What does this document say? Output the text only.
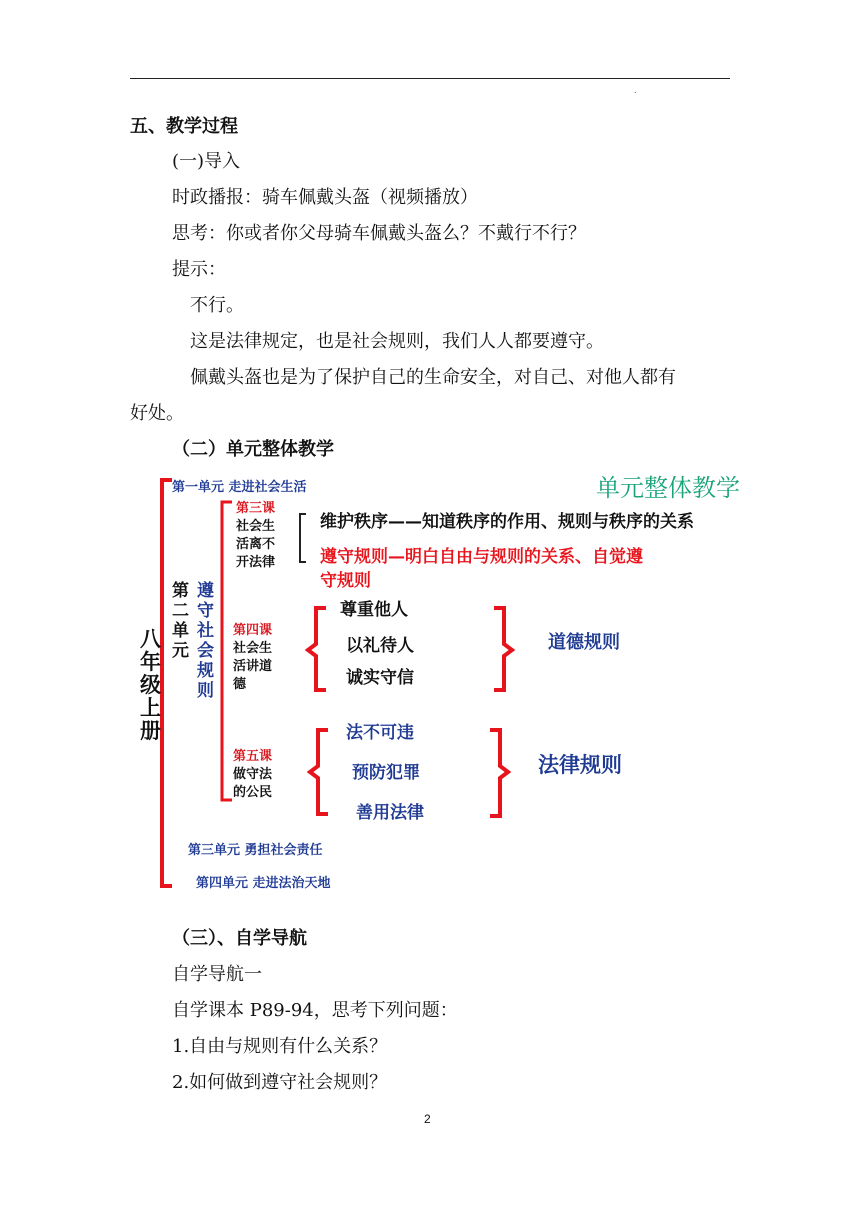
.
五、教学过程
(一)导入
时政播报：骑车佩戴头盔（视频播放）
思考：你或者你父母骑车佩戴头盔么？不戴行不行？
提示：
不行。
这是法律规定，也是社会规则，我们人人都要遵守。
佩戴头盔也是为了保护自己的生命安全，对自己、对他人都有
好处。
（二）单元整体教学
单元整体教学
八
年
级
上
册
第一单元 走进社会生活
第
二
单
元
遵
守
社
会
规
则
第三课
社会生
活离不
开法律
维护秩序——知道秩序的作用、规则与秩序的关系
遵守规则—明白自由与规则的关系、自觉遵
守规则
第四课
社会生
活讲道
德
尊重他人
以礼待人
诚实守信
道德规则
第五课
做守法
的公民
法不可违
预防犯罪
善用法律
法律规则
第三单元 勇担社会责任
第四单元 走进法治天地
（三）、自学导航
自学导航一
自学课本 P89-94，思考下列问题：
1.自由与规则有什么关系？
2.如何做到遵守社会规则？
2
